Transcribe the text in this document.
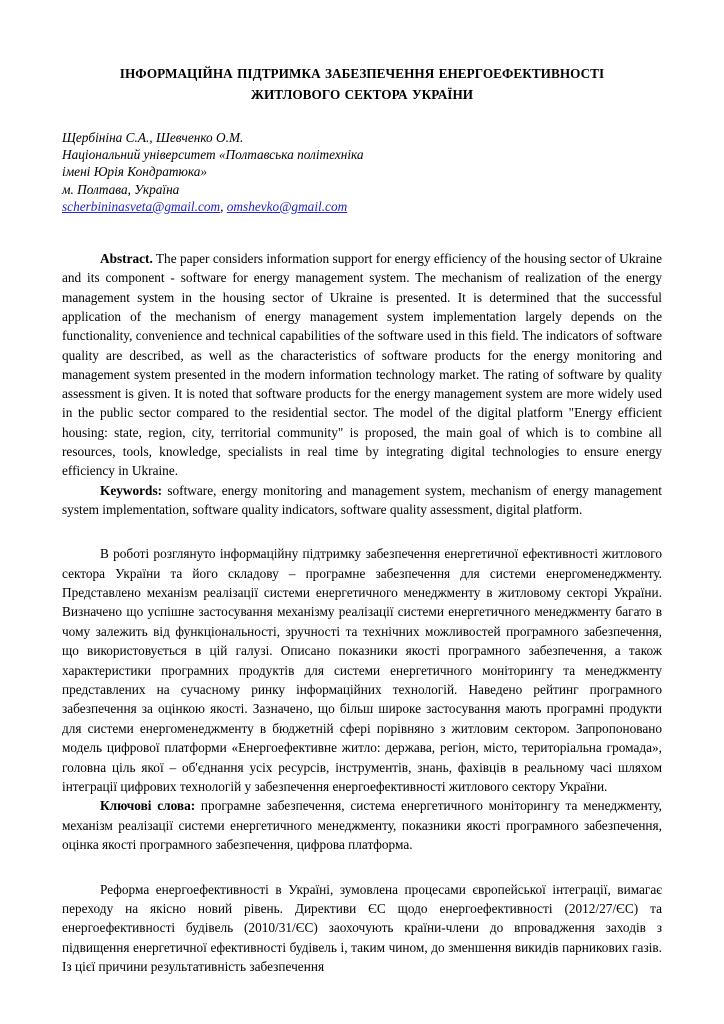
ІНФОРМАЦІЙНА ПІДТРИМКА ЗАБЕЗПЕЧЕННЯ ЕНЕРГОЕФЕКТИВНОСТІ
ЖИТЛОВОГО СЕКТОРА УКРАЇНИ
Щербініна С.А., Шевченко О.М.
Національний університет «Полтавська політехніка
імені Юрія Кондратюка»
м. Полтава, Україна
scherbininasveta@gmail.com, omshevko@gmail.com

Abstract. The paper considers information support for energy efficiency of the housing sector of Ukraine and its component - software for energy management system. The mechanism of realization of the energy management system in the housing sector of Ukraine is presented. It is determined that the successful application of the mechanism of energy management system implementation largely depends on the functionality, convenience and technical capabilities of the software used in this field. The indicators of software quality are described, as well as the characteristics of software products for the energy monitoring and management system presented in the modern information technology market. The rating of software by quality assessment is given. It is noted that software products for the energy management system are more widely used in the public sector compared to the residential sector. The model of the digital platform "Energy efficient housing: state, region, city, territorial community" is proposed, the main goal of which is to combine all resources, tools, knowledge, specialists in real time by integrating digital technologies to ensure energy efficiency in Ukraine.

Keywords: software, energy monitoring and management system, mechanism of energy management system implementation, software quality indicators, software quality assessment, digital platform.

В роботі розглянуто інформаційну підтримку забезпечення енергетичної ефективності житлового сектора України та його складову – програмне забезпечення для системи енергоменеджменту. Представлено механізм реалізації системи енергетичного менеджменту в житловому секторі України. Визначено що успішне застосування механізму реалізації системи енергетичного менеджменту багато в чому залежить від функціональності, зручності та технічних можливостей програмного забезпечення, що використовується в цій галузі. Описано показники якості програмного забезпечення, а також характеристики програмних продуктів для системи енергетичного моніторингу та менеджменту представлених на сучасному ринку інформаційних технологій. Наведено рейтинг програмного забезпечення за оцінкою якості. Зазначено, що більш широке застосування мають програмні продукти для системи енергоменеджменту в бюджетній сфері порівняно з житловим сектором. Запропоновано модель цифрової платформи «Енергоефективне житло: держава, регіон, місто, територіальна громада», головна ціль якої – об'єднання усіх ресурсів, інструментів, знань, фахівців в реальному часі шляхом інтеграції цифрових технологій у забезпечення енергоефективності житлового сектору України.

Ключові слова: програмне забезпечення, система енергетичного моніторингу та менеджменту, механізм реалізації системи енергетичного менеджменту, показники якості програмного забезпечення, оцінка якості програмного забезпечення, цифрова платформа.

Реформа енергоефективності в Україні, зумовлена процесами європейської інтеграції, вимагає переходу на якісно новий рівень. Директиви ЄС щодо енергоефективності (2012/27/ЄС) та енергоефективності будівель (2010/31/ЄС) заохочують країни-члени до впровадження заходів з підвищення енергетичної ефективності будівель і, таким чином, до зменшення викидів парникових газів. Із цієї причини результативність забезпечення
